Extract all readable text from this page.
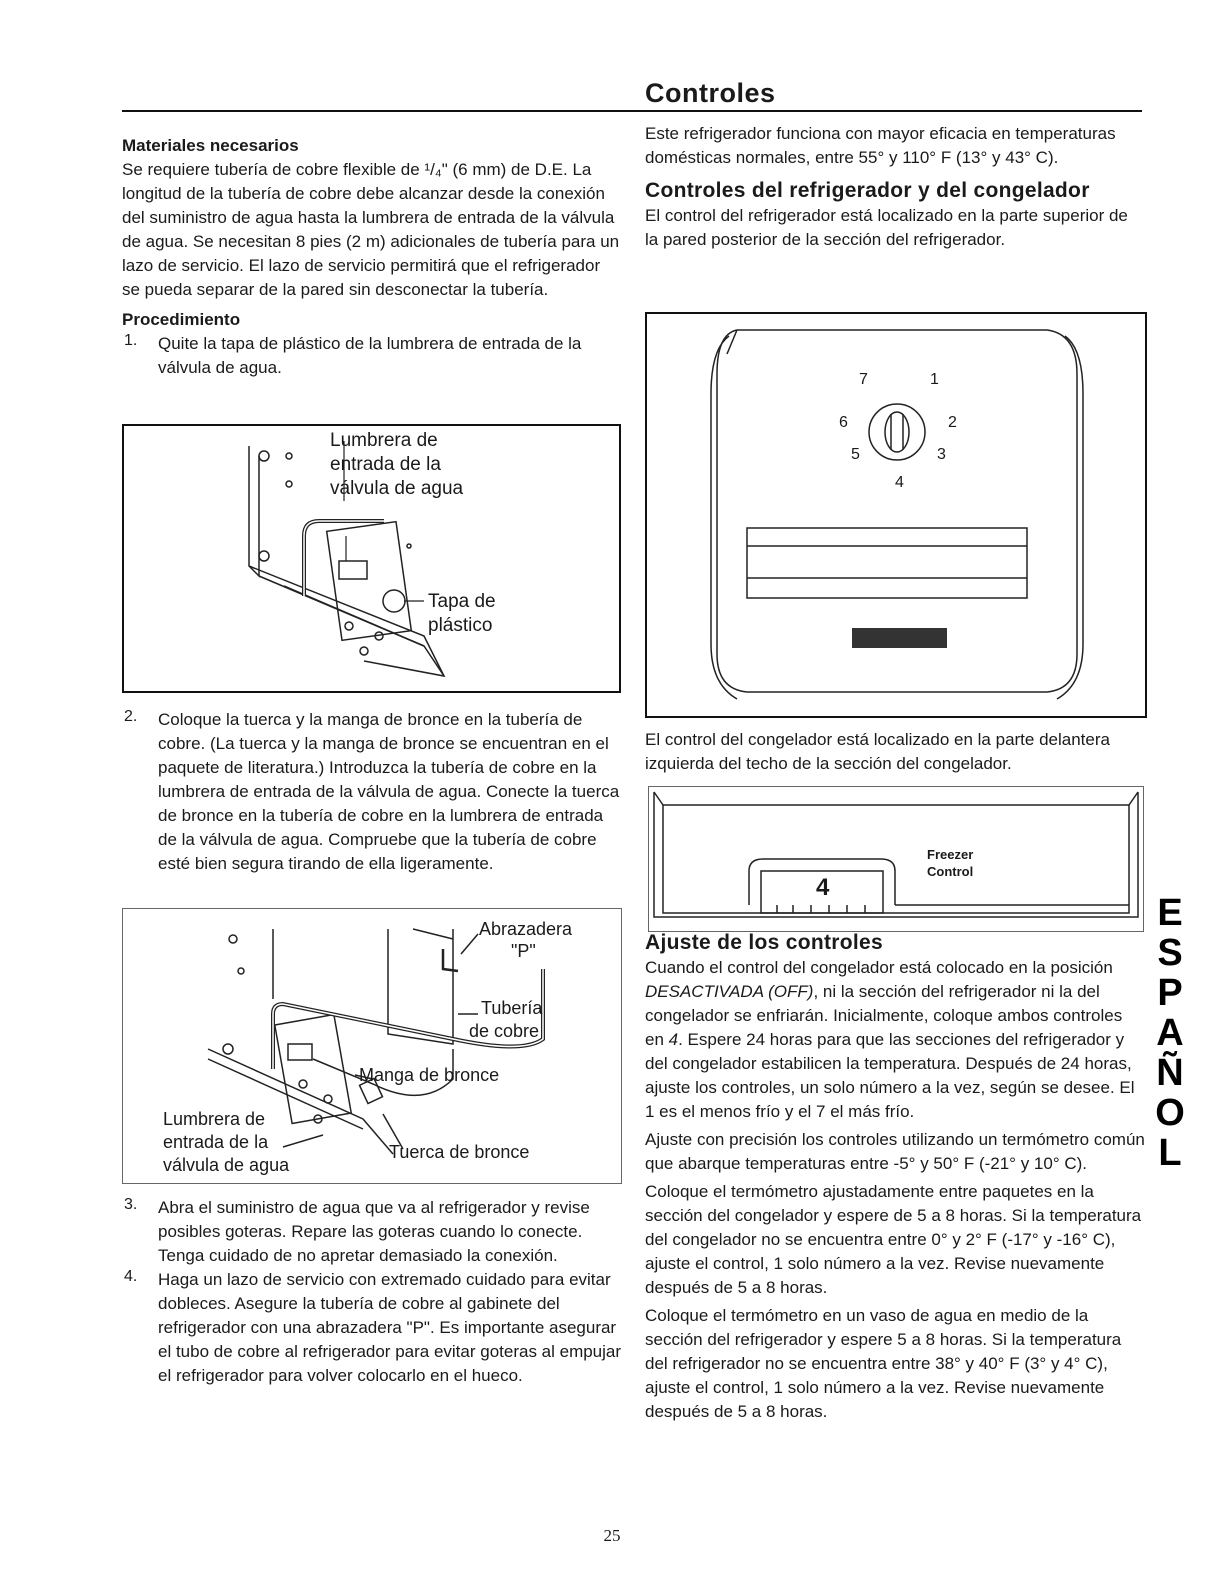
Controles
Materiales necesarios

Se requiere tubería de cobre flexible de ¹/₄" (6 mm) de D.E. La longitud de la tubería de cobre debe alcanzar desde la conexión del suministro de agua hasta la lumbrera de entrada de la válvula de agua. Se necesitan 8 pies (2 m) adicionales de tubería para un lazo de servicio. El lazo de servicio permitirá que el refrigerador se pueda separar de la pared sin desconectar la tubería.

Procedimiento
1. Quite la tapa de plástico de la lumbrera de entrada de la válvula de agua.

2. Coloque la tuerca y la manga de bronce en la tubería de cobre. (La tuerca y la manga de bronce se encuentran en el paquete de literatura.) Introduzca la tubería de cobre en la lumbrera de entrada de la válvula de agua. Conecte la tuerca de bronce en la tubería de cobre en la lumbrera de entrada de la válvula de agua. Compruebe que la tubería de cobre esté bien segura tirando de ella ligeramente.

3. Abra el suministro de agua que va al refrigerador y revise posibles goteras. Repare las goteras cuando lo conecte. Tenga cuidado de no apretar demasiado la conexión.

4. Haga un lazo de servicio con extremado cuidado para evitar dobleces. Asegure la tubería de cobre al gabinete del refrigerador con una abrazadera "P". Es importante asegurar el tubo de cobre al refrigerador para evitar goteras al empujar el refrigerador para volver colocarlo en el hueco.

Lumbrera de
entrada de la
válvula de agua
Tapa de
plástico
Abrazadera
"P"
Tubería
de cobre
Manga de bronce
Lumbrera de
entrada de la
válvula de agua
Tuerca de bronce

Este refrigerador funciona con mayor eficacia en temperaturas domésticas normales, entre 55° y 110° F (13° y 43° C).

Controles del refrigerador y del congelador

El control del refrigerador está localizado en la parte superior de la pared posterior de la sección del refrigerador.

7	1
6	2
5	3
4

El control del congelador está localizado en la parte delantera izquierda del techo de la sección del congelador.

4
Freezer
Control
Ajuste de los controles

Cuando el control del congelador está colocado en la posición DESACTIVADA (OFF), ni la sección del refrigerador ni la del congelador se enfriarán. Inicialmente, coloque ambos controles en 4. Espere 24 horas para que las secciones del refrigerador y del congelador estabilicen la temperatura. Después de 24 horas, ajuste los controles, un solo número a la vez, según se desee. El 1 es el menos frío y el 7 el más frío.

Ajuste con precisión los controles utilizando un termómetro común que abarque temperaturas entre -5° y 50° F (-21° y 10° C).

Coloque el termómetro ajustadamente entre paquetes en la sección del congelador y espere de 5 a 8 horas. Si la temperatura del congelador no se encuentra entre 0° y 2° F (-17° y -16° C), ajuste el control, 1 solo número a la vez. Revise nuevamente después de 5 a 8 horas.

Coloque el termómetro en un vaso de agua en medio de la sección del refrigerador y espere 5 a 8 horas. Si la temperatura del refrigerador no se encuentra entre 38° y 40° F (3° y 4° C), ajuste el control, 1 solo número a la vez. Revise nuevamente después de 5 a 8 horas.

E
S
P
A
Ñ
O
L
25
